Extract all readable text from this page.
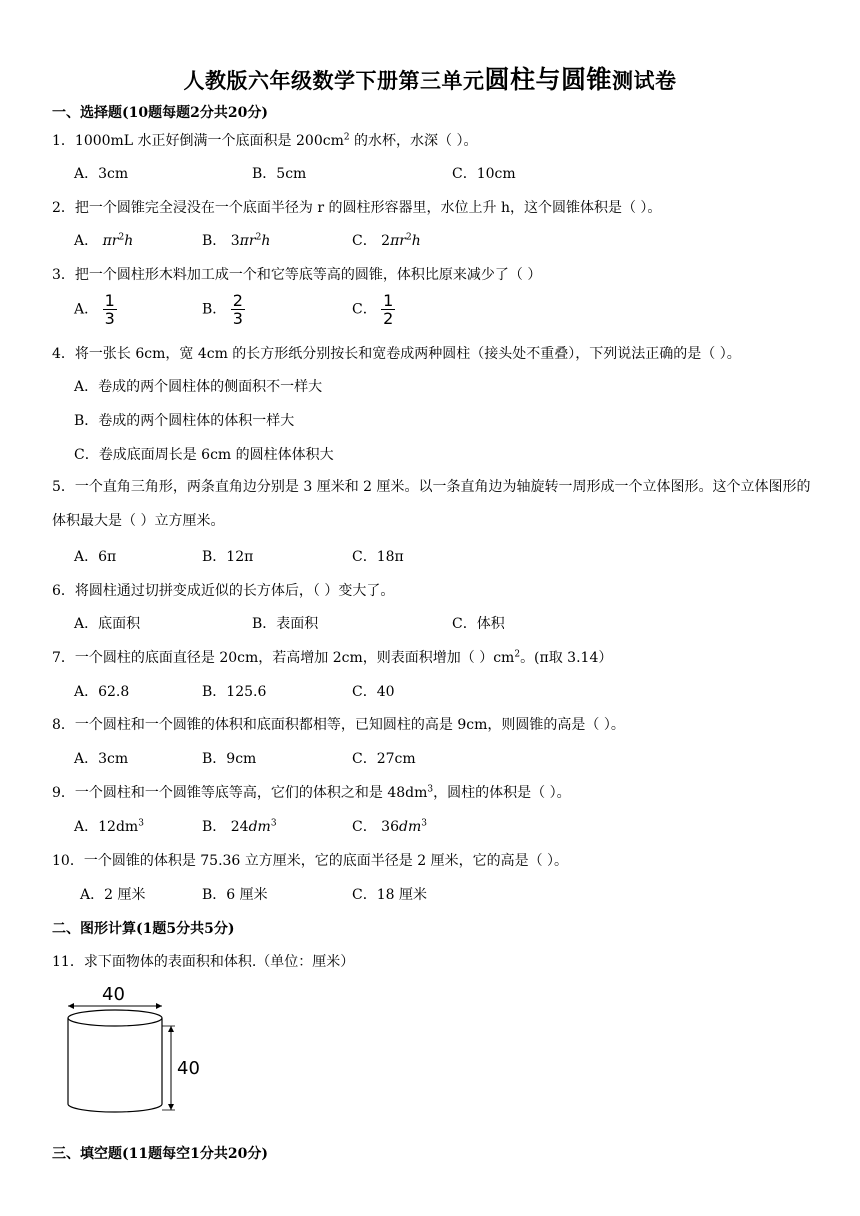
人教版六年级数学下册第三单元圆柱与圆锥测试卷
一、选择题(10题每题2分共20分)
1．1000mL 水正好倒满一个底面积是 $200cm^2$ 的水杯，水深（ ）。
A．3cm	B．5cm	C．10cm
2．把一个圆锥完全浸没在一个底面半径为 r 的圆柱形容器里，水位上升 h，这个圆锥体积是（ ）。
A． $\pi r^2h$	B． $3\pi r^2h$	C． $2\pi r^2h$
3．把一个圆柱形木料加工成一个和它等底等高的圆锥，体积比原来减少了（ ）
A． $\frac{1}{3}$	B． $\frac{2}{3}$	C． $\frac{1}{2}$
4．将一张长 6cm，宽 4cm 的长方形纸分别按长和宽卷成两种圆柱（接头处不重叠），下列说法正确的是（ ）。
A．卷成的两个圆柱体的侧面积不一样大
B．卷成的两个圆柱体的体积一样大
C．卷成底面周长是 6cm 的圆柱体体积大
5．一个直角三角形，两条直角边分别是 3 厘米和 2 厘米。以一条直角边为轴旋转一周形成一个立体图形。这个立体图形的体积最大是（ ）立方厘米。
A．6π	B．12π	C．18π
6．将圆柱通过切拼变成近似的长方体后，（ ）变大了。
A．底面积	B．表面积	C．体积
7．一个圆柱的底面直径是 20cm，若高增加 2cm，则表面积增加（ ）$cm^2$。(π取 3.14）
A．62.8	B．125.6	C．40
8．一个圆柱和一个圆锥的体积和底面积都相等，已知圆柱的高是 9cm，则圆锥的高是（ ）。
A．3cm	B．9cm	C．27cm
9．一个圆柱和一个圆锥等底等高，它们的体积之和是 $48dm^3$，圆柱的体积是（ ）。
A．$12dm^3$	B． $24dm^3$	C． $36dm^3$
10．一个圆锥的体积是 75.36 立方厘米，它的底面半径是 2 厘米，它的高是（ ）。
A．2 厘米	B．6 厘米	C．18 厘米
二、图形计算(1题5分共5分)
11．求下面物体的表面积和体积.（单位：厘米）
40
40
三、填空题(11题每空1分共20分)
